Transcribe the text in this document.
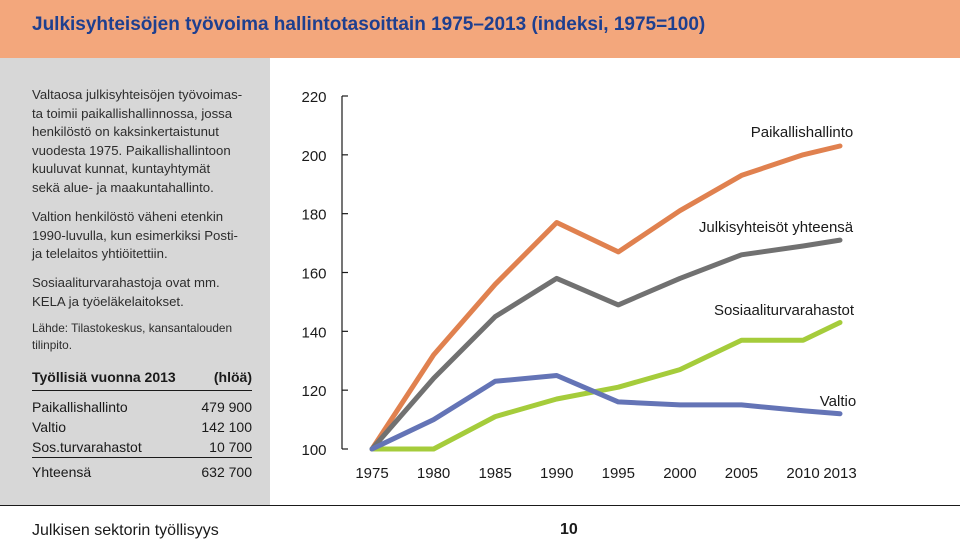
Julkisyhteisöjen työvoima hallintotasoittain 1975–2013 (indeksi, 1975=100)
Valtaosa julkisyhteisöjen työvoimas-
ta toimii paikallishallinnossa, jossa
henkilöstö on kaksinkertaistunut
vuodesta 1975. Paikallishallintoon
kuuluvat kunnat, kuntayhtymät
sekä alue- ja maakuntahallinto.
Valtion henkilöstö väheni etenkin
1990-luvulla, kun esimerkiksi Posti-
ja telelaitos yhtiöitettiin.
Sosiaaliturvarahastoja ovat mm.
KELA ja työeläkelaitokset.
Lähde: Tilastokeskus, kansantalouden
tilinpito.
Työllisiä vuonna 2013	(hlöä)
Paikallishallinto	479 900
Valtio	142 100
Sos.turvarahastot	10 700
Yhteensä	632 700
100
120
140
160
180
200
220
1975 1980 1985 1990 1995 2000 2005 2010 2013
Paikallishallinto
Julkisyhteisöt yhteensä
Sosiaaliturvarahastot
Valtio
Julkisen sektorin työllisyys	10
